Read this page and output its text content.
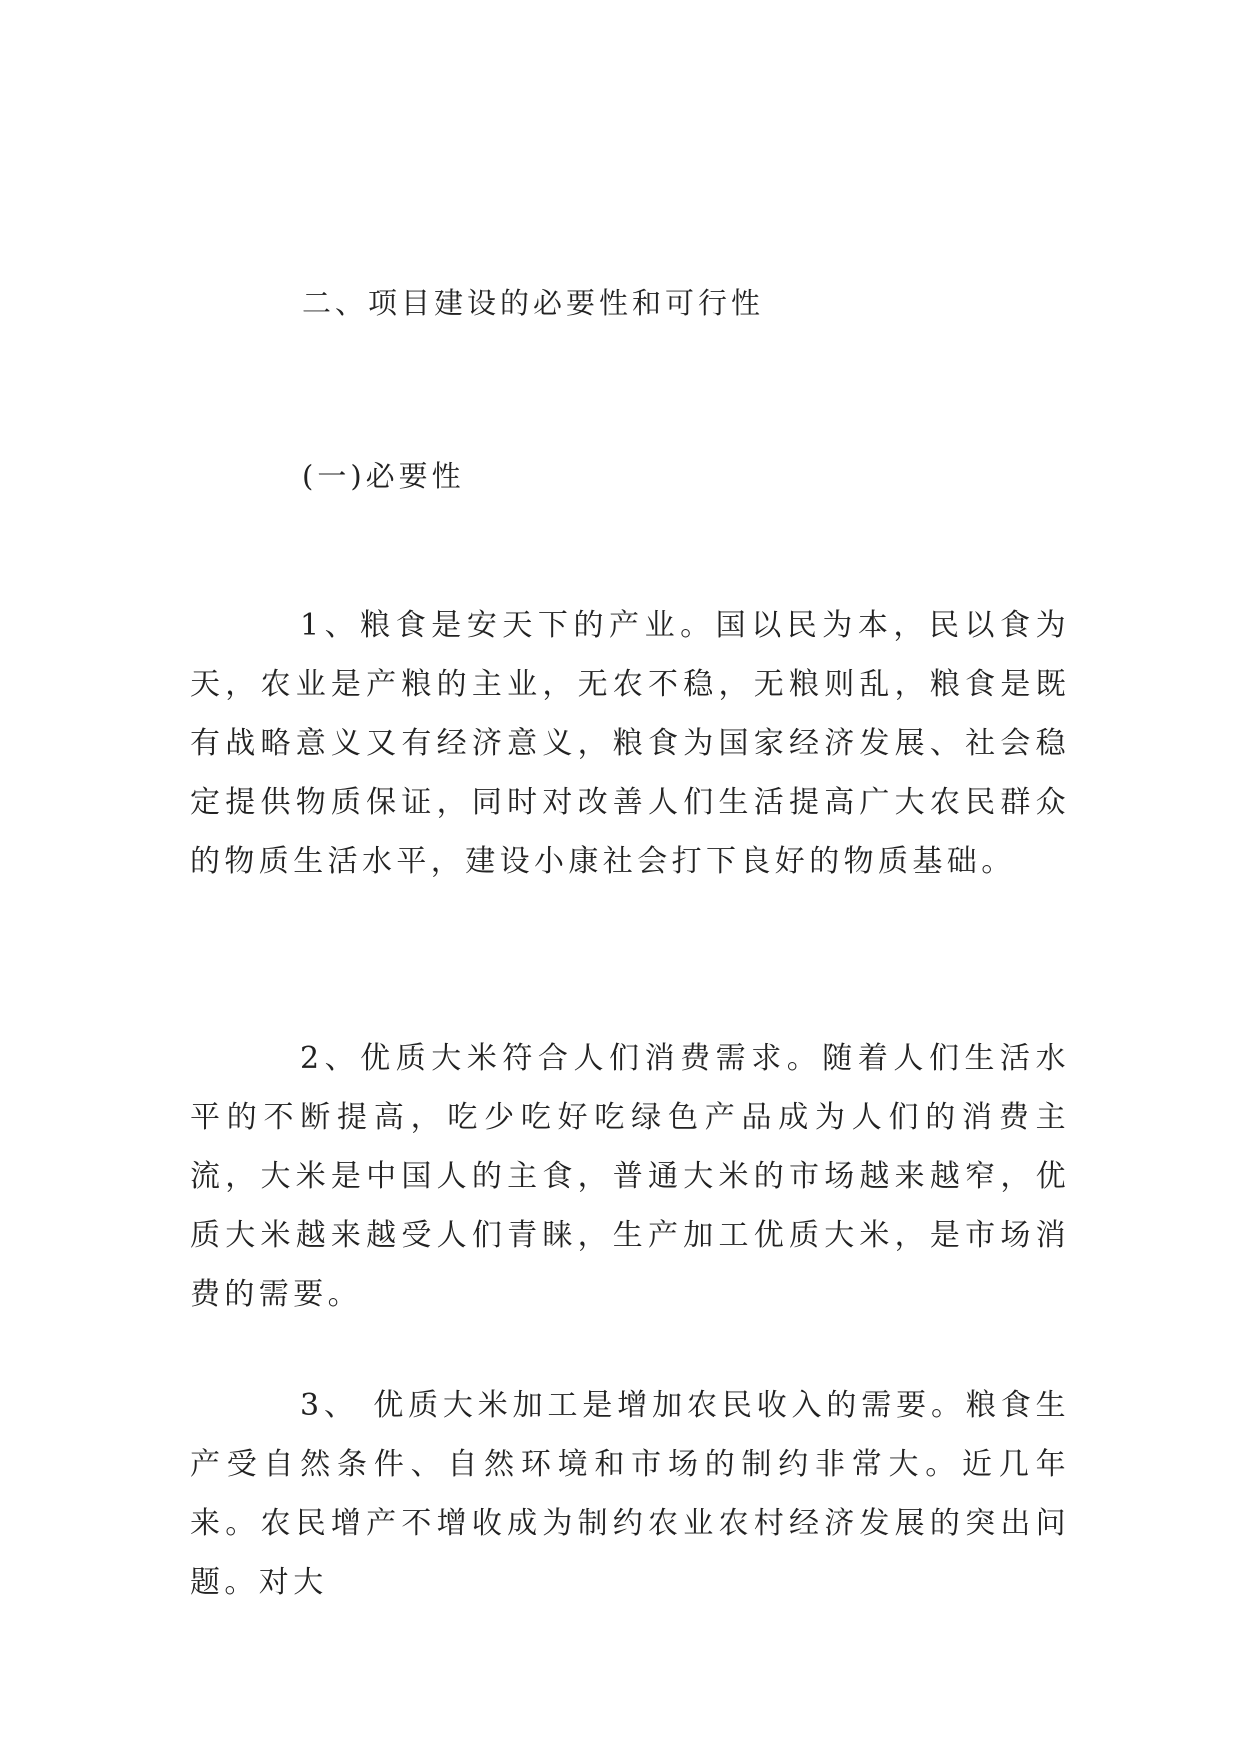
二、项目建设的必要性和可行性
(一)必要性

1、粮食是安天下的产业。国以民为本，民以食为天，农业是产粮的主业，无农不稳，无粮则乱，粮食是既有战略意义又有经济意义，粮食为国家经济发展、社会稳定提供物质保证，同时对改善人们生活提高广大农民群众的物质生活水平，建设小康社会打下良好的物质基础。

2、优质大米符合人们消费需求。随着人们生活水平的不断提高，吃少吃好吃绿色产品成为人们的消费主流，大米是中国人的主食，普通大米的市场越来越窄，优质大米越来越受人们青睐，生产加工优质大米，是市场消费的需要。

3、 优质大米加工是增加农民收入的需要。粮食生产受自然条件、自然环境和市场的制约非常大。近几年来。农民增产不增收成为制约农业农村经济发展的突出问题。对大
